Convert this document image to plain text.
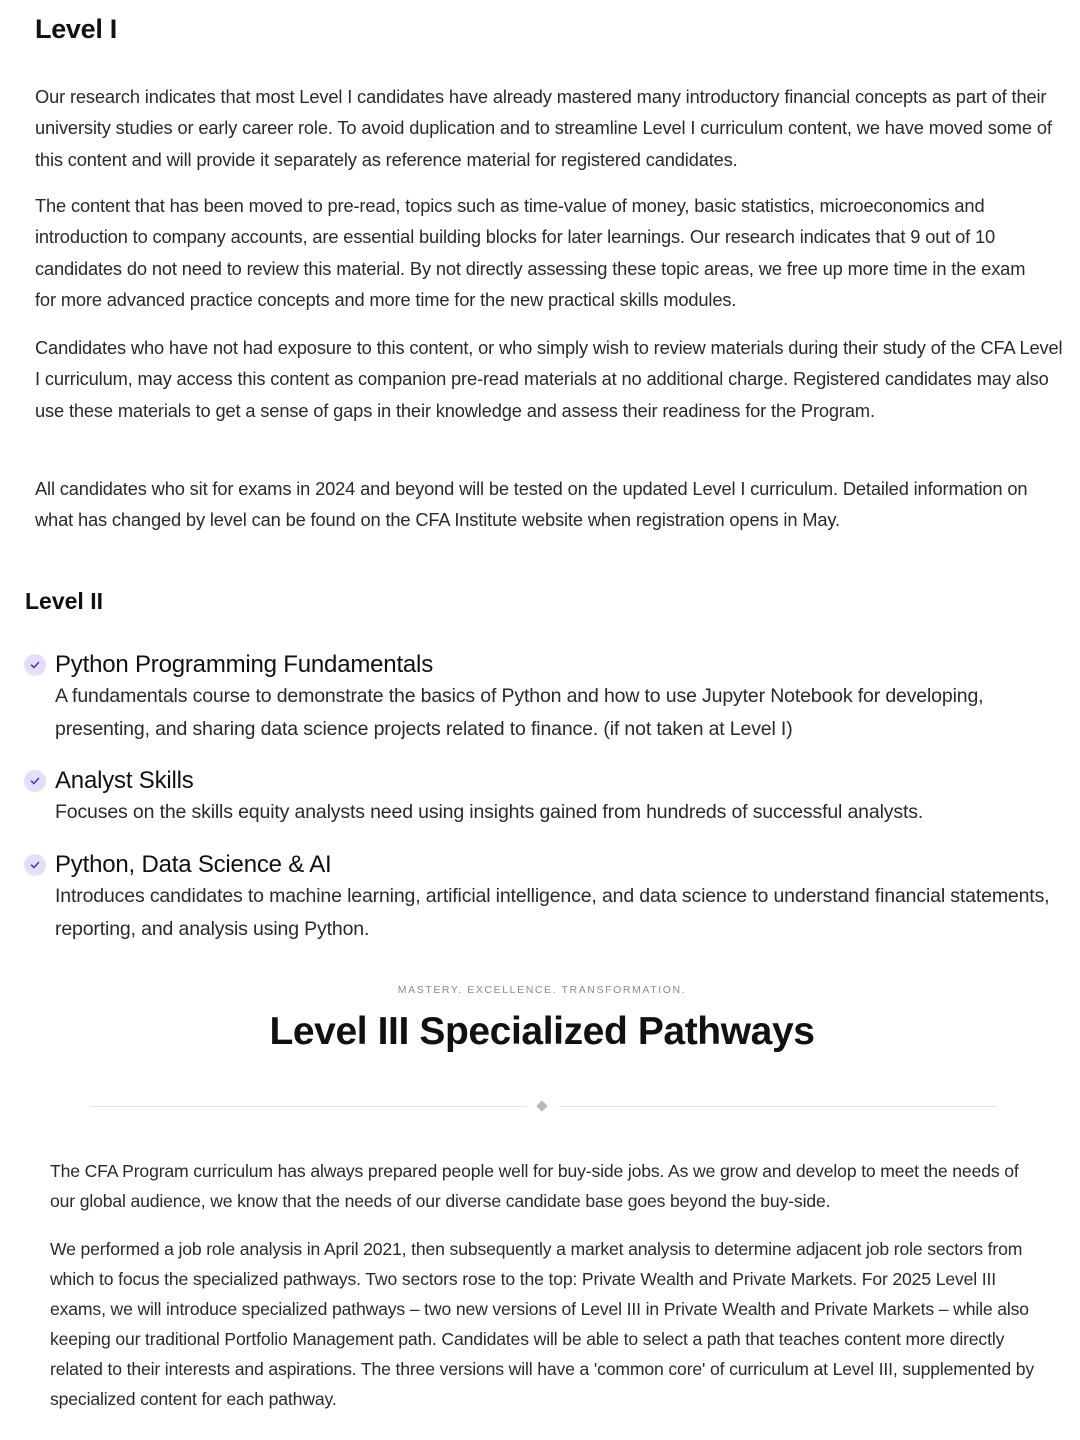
Level I

Our research indicates that most Level I candidates have already mastered many introductory financial concepts as part of their university studies or early career role. To avoid duplication and to streamline Level I curriculum content, we have moved some of this content and will provide it separately as reference material for registered candidates.

The content that has been moved to pre-read, topics such as time-value of money, basic statistics, microeconomics and introduction to company accounts, are essential building blocks for later learnings. Our research indicates that 9 out of 10 candidates do not need to review this material. By not directly assessing these topic areas, we free up more time in the exam for more advanced practice concepts and more time for the new practical skills modules.

Candidates who have not had exposure to this content, or who simply wish to review materials during their study of the CFA Level I curriculum, may access this content as companion pre-read materials at no additional charge. Registered candidates may also use these materials to get a sense of gaps in their knowledge and assess their readiness for the Program.

All candidates who sit for exams in 2024 and beyond will be tested on the updated Level I curriculum. Detailed information on what has changed by level can be found on the CFA Institute website when registration opens in May.

Level II
Python Programming Fundamentals
A fundamentals course to demonstrate the basics of Python and how to use Jupyter Notebook for developing, presenting, and sharing data science projects related to finance. (if not taken at Level I)
Analyst Skills
Focuses on the skills equity analysts need using insights gained from hundreds of successful analysts.
Python, Data Science & AI
Introduces candidates to machine learning, artificial intelligence, and data science to understand financial statements, reporting, and analysis using Python.
MASTERY. EXCELLENCE. TRANSFORMATION.
Level III Specialized Pathways

The CFA Program curriculum has always prepared people well for buy-side jobs. As we grow and develop to meet the needs of our global audience, we know that the needs of our diverse candidate base goes beyond the buy-side.

We performed a job role analysis in April 2021, then subsequently a market analysis to determine adjacent job role sectors from which to focus the specialized pathways. Two sectors rose to the top: Private Wealth and Private Markets. For 2025 Level III exams, we will introduce specialized pathways – two new versions of Level III in Private Wealth and Private Markets – while also keeping our traditional Portfolio Management path. Candidates will be able to select a path that teaches content more directly related to their interests and aspirations. The three versions will have a 'common core' of curriculum at Level III, supplemented by specialized content for each pathway.
